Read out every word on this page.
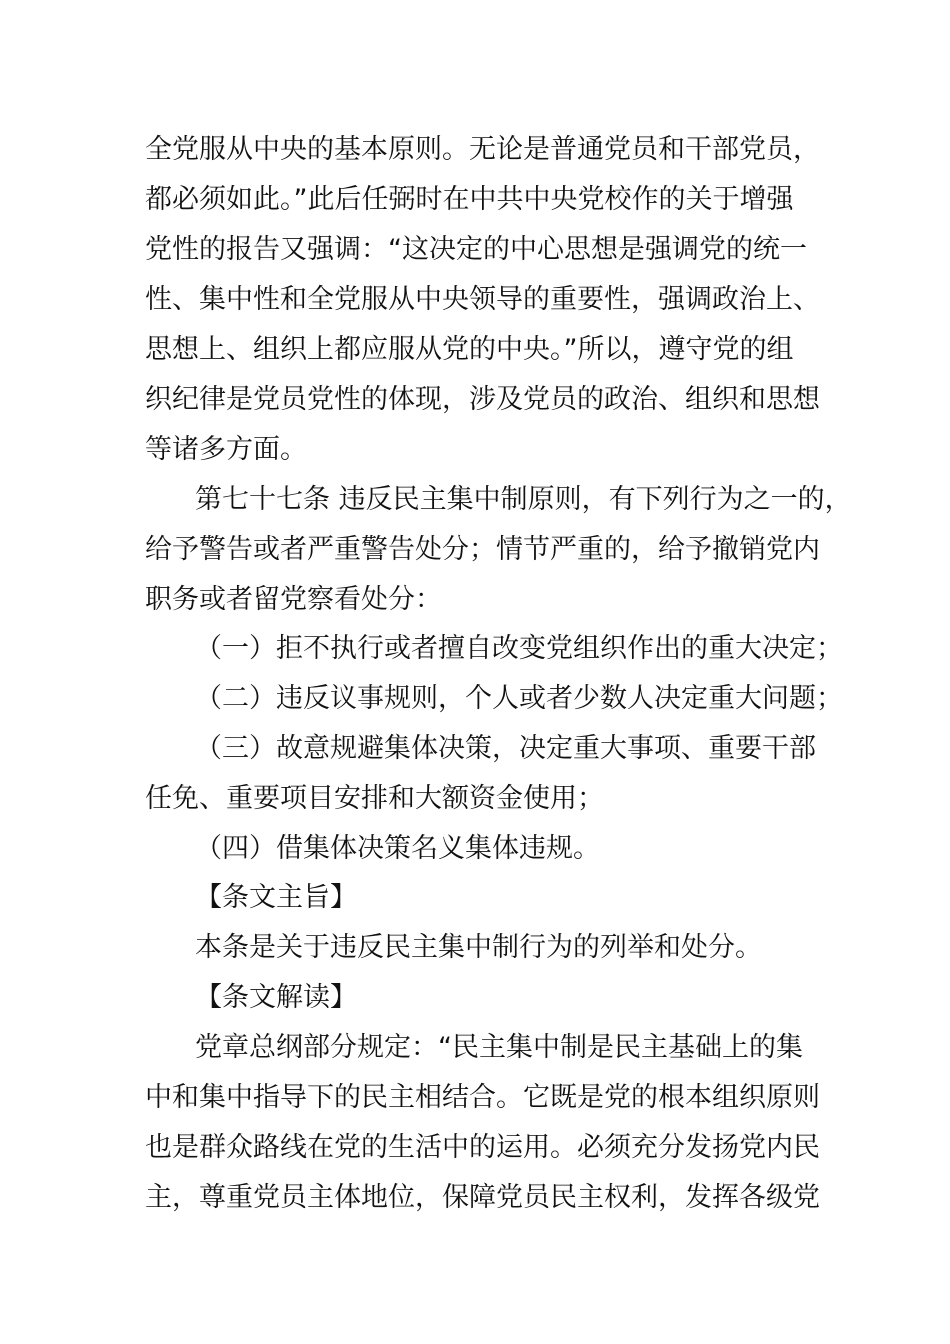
全党服从中央的基本原则。无论是普通党员和干部党员，
都必须如此。”此后任弼时在中共中央党校作的关于增强
党性的报告又强调：“这决定的中心思想是强调党的统一
性、集中性和全党服从中央领导的重要性，强调政治上、
思想上、组织上都应服从党的中央。”所以，遵守党的组
织纪律是党员党性的体现，涉及党员的政治、组织和思想
等诸多方面。
第七十七条 违反民主集中制原则，有下列行为之一的，
给予警告或者严重警告处分；情节严重的，给予撤销党内
职务或者留党察看处分：
（一）拒不执行或者擅自改变党组织作出的重大决定；
（二）违反议事规则，个人或者少数人决定重大问题；
（三）故意规避集体决策，决定重大事项、重要干部
任免、重要项目安排和大额资金使用；
（四）借集体决策名义集体违规。
【条文主旨】
本条是关于违反民主集中制行为的列举和处分。
【条文解读】
党章总纲部分规定：“民主集中制是民主基础上的集
中和集中指导下的民主相结合。它既是党的根本组织原则
也是群众路线在党的生活中的运用。必须充分发扬党内民
主，尊重党员主体地位，保障党员民主权利，发挥各级党
